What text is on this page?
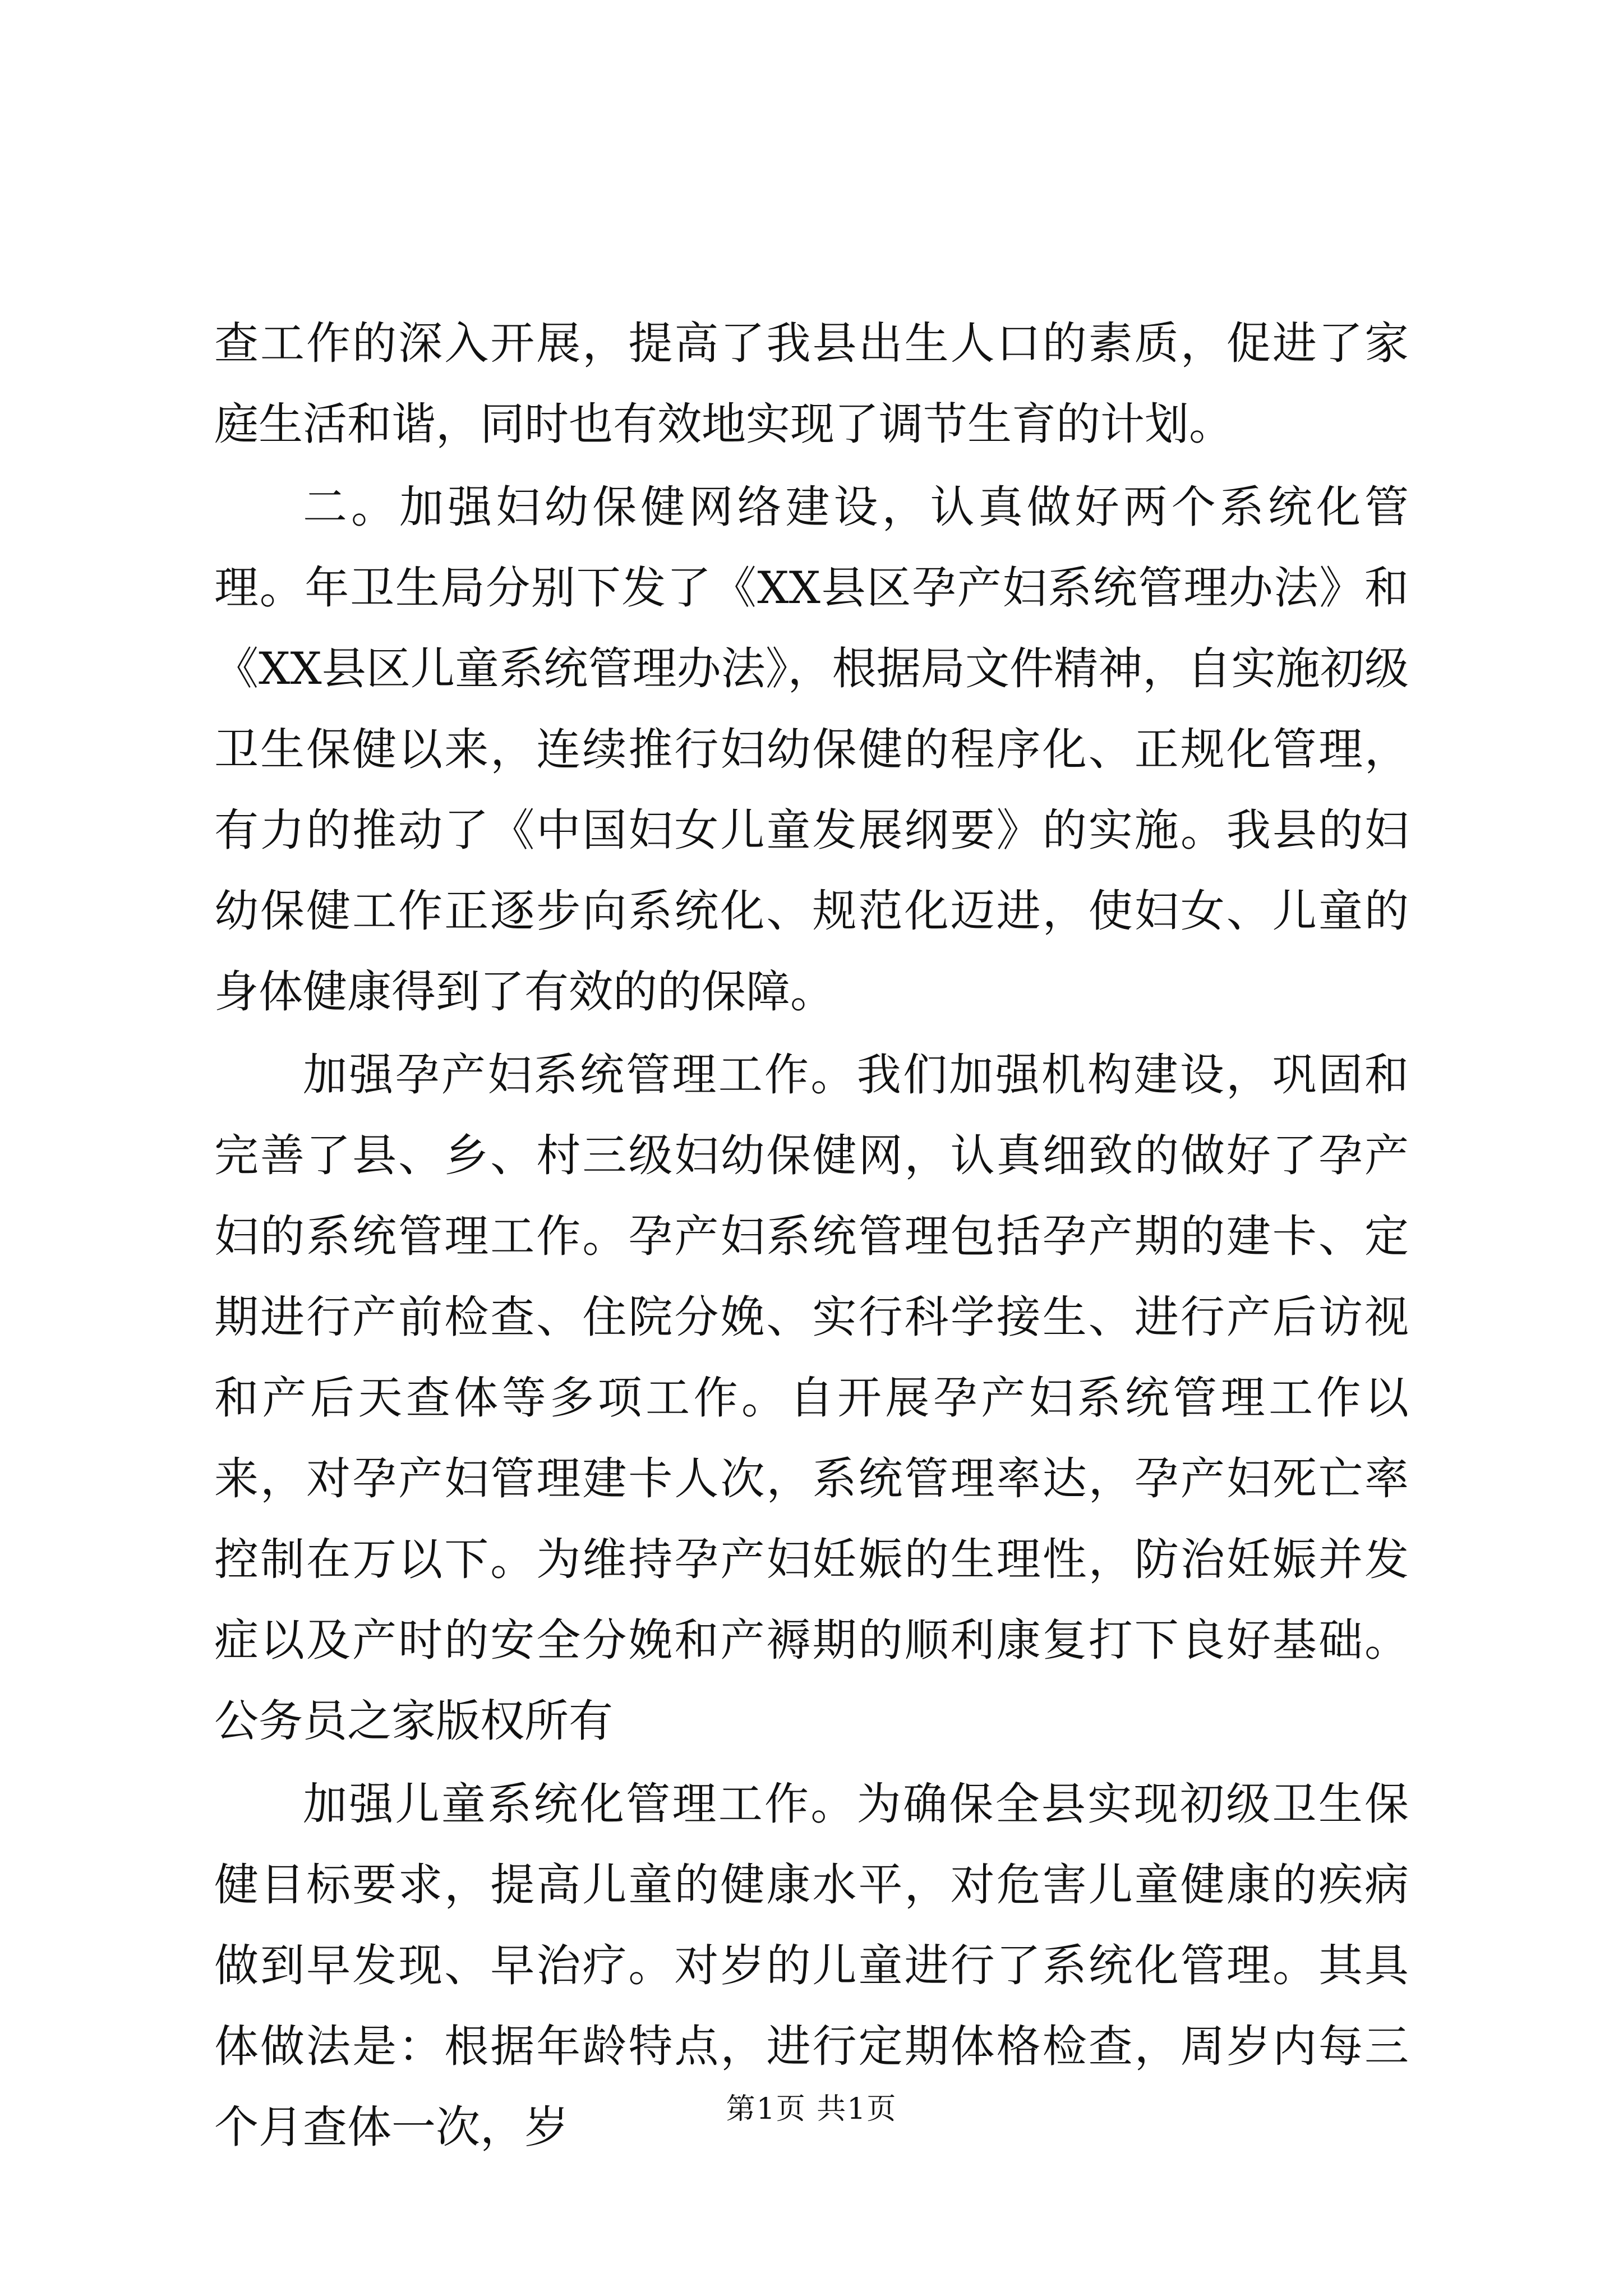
查工作的深入开展，提高了我县出生人口的素质，促进了家庭生活和谐，同时也有效地实现了调节生育的计划。

二。加强妇幼保健网络建设，认真做好两个系统化管理。年卫生局分别下发了《XX县区孕产妇系统管理办法》和《XX县区儿童系统管理办法》，根据局文件精神，自实施初级卫生保健以来，连续推行妇幼保健的程序化、正规化管理，有力的推动了《中国妇女儿童发展纲要》的实施。我县的妇幼保健工作正逐步向系统化、规范化迈进，使妇女、儿童的身体健康得到了有效的的保障。

加强孕产妇系统管理工作。我们加强机构建设，巩固和完善了县、乡、村三级妇幼保健网，认真细致的做好了孕产妇的系统管理工作。孕产妇系统管理包括孕产期的建卡、定期进行产前检查、住院分娩、实行科学接生、进行产后访视和产后天查体等多项工作。自开展孕产妇系统管理工作以来，对孕产妇管理建卡人次，系统管理率达，孕产妇死亡率控制在万以下。为维持孕产妇妊娠的生理性，防治妊娠并发症以及产时的安全分娩和产褥期的顺利康复打下良好基础。公务员之家版权所有

加强儿童系统化管理工作。为确保全县实现初级卫生保健目标要求，提高儿童的健康水平，对危害儿童健康的疾病做到早发现、早治疗。对岁的儿童进行了系统化管理。其具体做法是：根据年龄特点，进行定期体格检查，周岁内每三个月查体一次，岁	第1页 共1页
